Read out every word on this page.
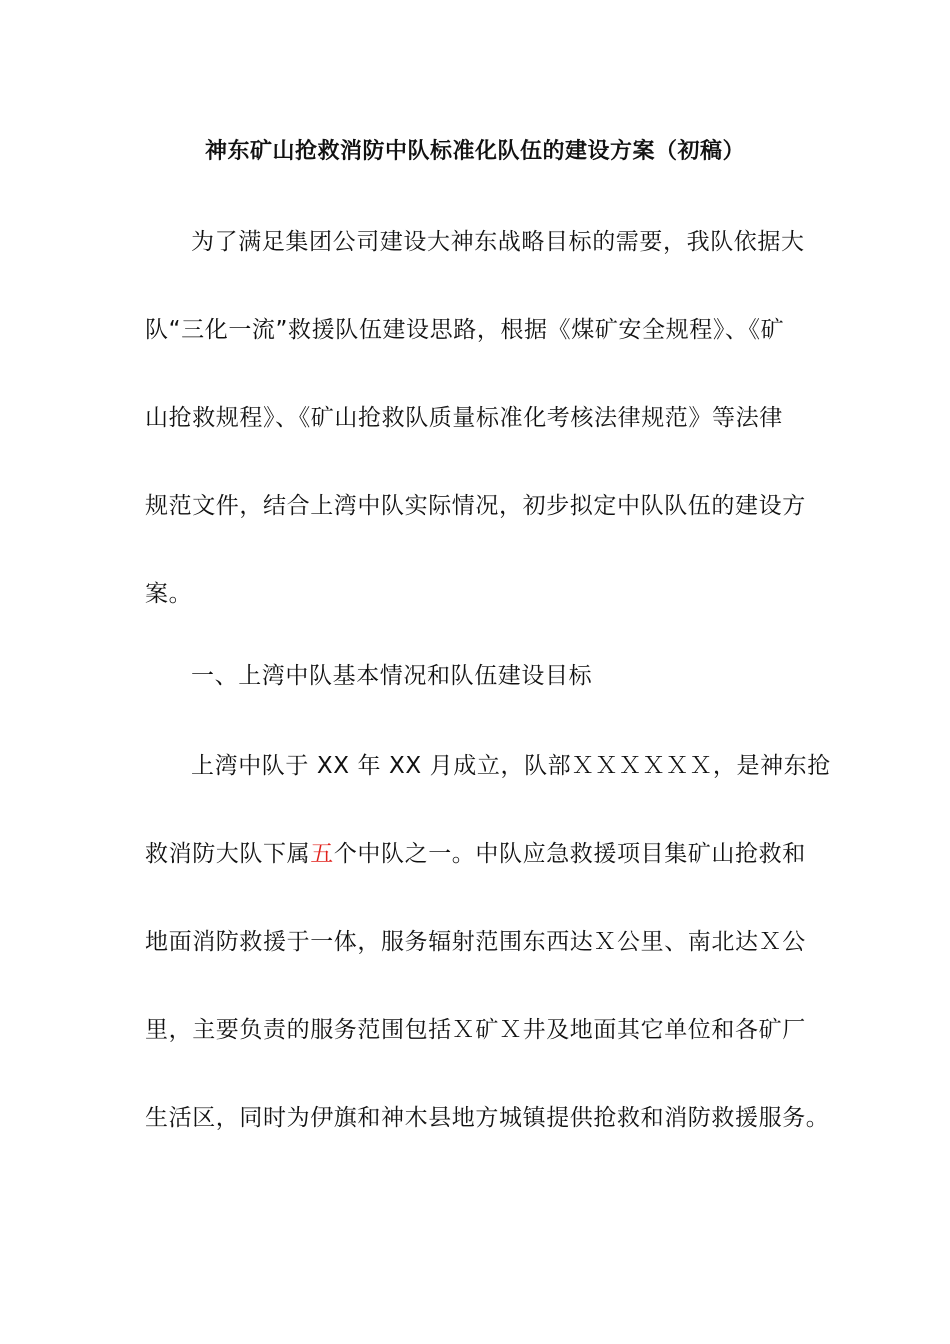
神东矿山抢救消防中队标准化队伍的建设方案（初稿）
为了满足集团公司建设大神东战略目标的需要，我队依据大
队“三化一流”救援队伍建设思路，根据《煤矿安全规程》、《矿
山抢救规程》、《矿山抢救队质量标准化考核法律规范》等法律
规范文件，结合上湾中队实际情况，初步拟定中队队伍的建设方
案。
一、上湾中队基本情况和队伍建设目标
上湾中队于 XX 年 XX 月成立，队部ＸＸＸＸＸＸ，是神东抢
救消防大队下属五个中队之一。中队应急救援项目集矿山抢救和
地面消防救援于一体，服务辐射范围东西达Ｘ公里、南北达Ｘ公
里，主要负责的服务范围包括Ｘ矿Ｘ井及地面其它单位和各矿厂
生活区，同时为伊旗和神木县地方城镇提供抢救和消防救援服务。
